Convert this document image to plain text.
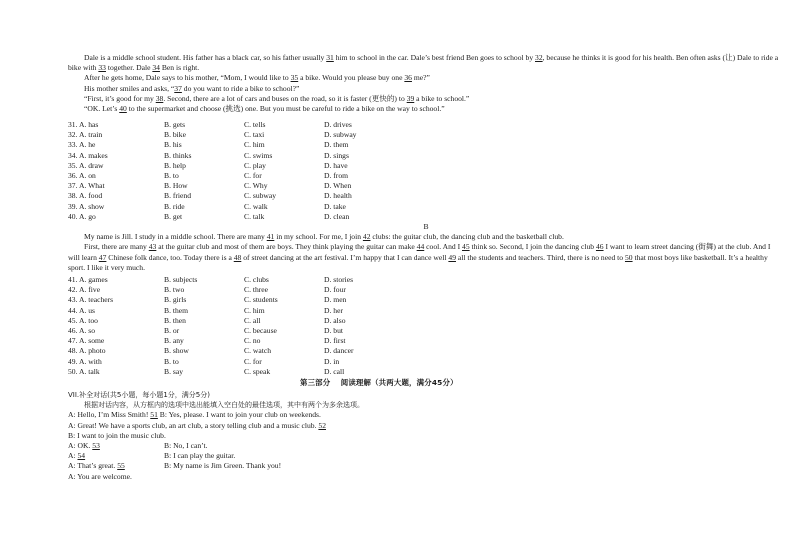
Dale is a middle school student. His father has a black car, so his father usually 31 him to school in the car. Dale’s best friend Ben goes to school by 32, because he thinks it is good for his health. Ben often asks (让) Dale to ride a bike with 33 together. Dale 34 Ben is right.

After he gets home, Dale says to his mother, “Mom, I would like to 35 a bike. Would you please buy one 36 me?”

His mother smiles and asks, “37 do you want to ride a bike to school?”

“First, it’s good for my 38. Second, there are a lot of cars and buses on the road, so it is faster (更快的) to 39 a bike to school.”

“OK. Let’s 40 to the supermarket and choose (挑选) one. But you must be careful to ride a bike on the way to school.”

31. A. has	B. gets	C. tells	D. drives
32. A. train	B. bike	C. taxi	D. subway
33. A. he	B. his	C. him	D. them
34. A. makes	B. thinks	C. swims	D. sings
35. A. draw	B. help	C. play	D. have
36. A. on	B. to	C. for	D. from
37. A. What	B. How	C. Why	D. When
38. A. food	B. friend	C. subway	D. health
39. A. show	B. ride	C. walk	D. take
40. A. go	B. get	C. talk	D. clean

B

My name is Jill. I study in a middle school. There are many 41 in my school. For me, I join 42 clubs: the guitar club, the dancing club and the basketball club.

First, there are many 43 at the guitar club and most of them are boys. They think playing the guitar can make 44 cool. And I 45 think so. Second, I join the dancing club 46 I want to learn street dancing (街舞) at the club. And I will learn 47 Chinese folk dance, too. Today there is a 48 of street dancing at the art festival. I’m happy that I can dance well 49 all the students and teachers. Third, there is no need to 50 that most boys like basketball. It’s a healthy sport. I like it very much.

41. A. games	B. subjects	C. clubs	D. stories
42. A. five	B. two	C. three	D. four
43. A. teachers	B. girls	C. students	D. men
44. A. us	B. them	C. him	D. her
45. A. too	B. then	C. all	D. also
46. A. so	B. or	C. because	D. but
47. A. some	B. any	C. no	D. first
48. A. photo	B. show	C. watch	D. dancer
49. A. with	B. to	C. for	D. in
50. A. talk	B. say	C. speak	D. call
第三部分　 阅读理解（共两大题，满分45分）

VII.补全对话(共5小题，每小题1分，满分5分)

根据对话内容，从方框内的选项中选出能填入空白处的最佳选项，其中有两个为多余选项。

A: Hello, I’m Miss Smith! 51 B: Yes, please. I want to join your club on weekends.

A: Great! We have a sports club, an art club, a story telling club and a music club. 52

B: I want to join the music club.

A: OK. 53	B: No, I can’t.
A: 54	B: I can play the guitar.
A: That’s great. 55	B: My name is Jim Green. Thank you!

A: You are welcome.
